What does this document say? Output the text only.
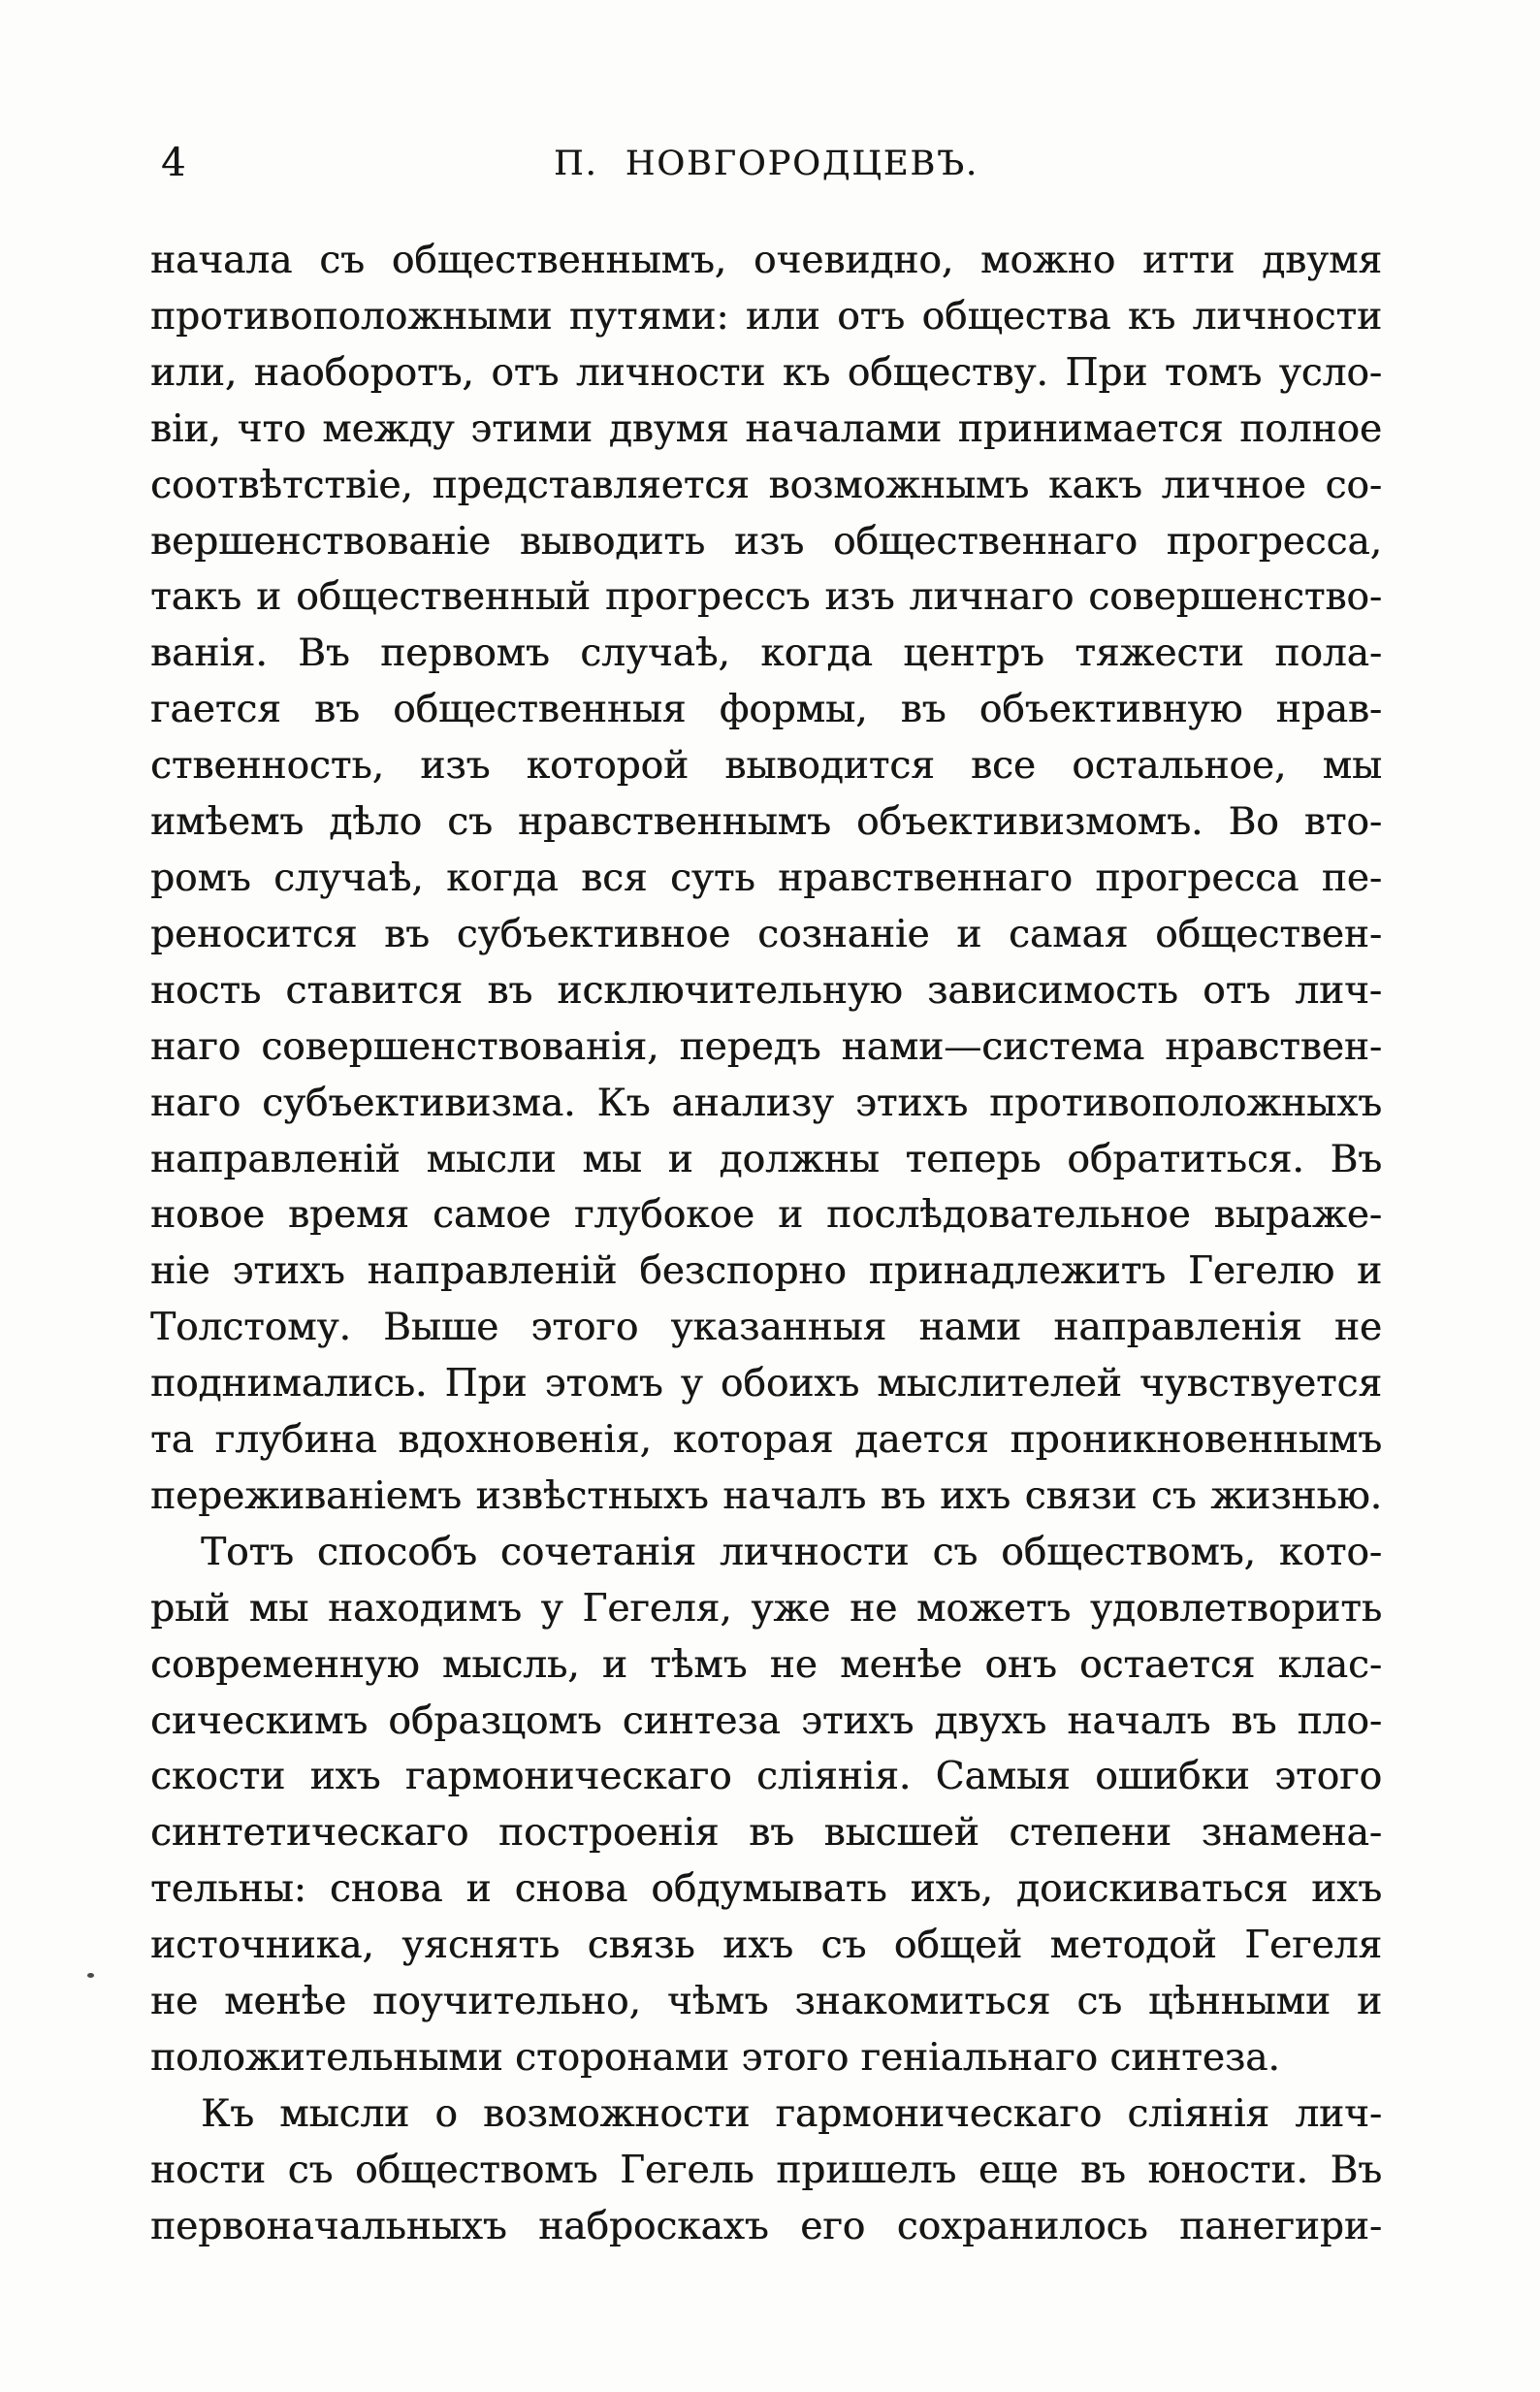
4	П. НОВГОРОДЦЕВЪ.
начала съ общественнымъ, очевидно, можно итти двумя
противоположными путями: или отъ общества къ личности
или, наоборотъ, отъ личности къ обществу. При томъ усло-
віи, что между этими двумя началами принимается полное
соотвѣтствіе, представляется возможнымъ какъ личное со-
вершенствованіе выводить изъ общественнаго прогресса,
такъ и общественный прогрессъ изъ личнаго совершенство-
ванія. Въ первомъ случаѣ, когда центръ тяжести пола-
гается въ общественныя формы, въ объективную нрав-
ственность, изъ которой выводится все остальное, мы
имѣемъ дѣло съ нравственнымъ объективизмомъ. Во вто-
ромъ случаѣ, когда вся суть нравственнаго прогресса пе-
реносится въ субъективное сознаніе и самая обществен-
ность ставится въ исключительную зависимость отъ лич-
наго совершенствованія, передъ нами—система нравствен-
наго субъективизма. Къ анализу этихъ противоположныхъ
направленій мысли мы и должны теперь обратиться. Въ
новое время самое глубокое и послѣдовательное выраже-
ніе этихъ направленій безспорно принадлежитъ Гегелю и
Толстому. Выше этого указанныя нами направленія не
поднимались. При этомъ у обоихъ мыслителей чувствуется
та глубина вдохновенія, которая дается проникновеннымъ
переживаніемъ извѣстныхъ началъ въ ихъ связи съ жизнью.
Тотъ способъ сочетанія личности съ обществомъ, кото-
рый мы находимъ у Гегеля, уже не можетъ удовлетворить
современную мысль, и тѣмъ не менѣе онъ остается клас-
сическимъ образцомъ синтеза этихъ двухъ началъ въ пло-
скости ихъ гармоническаго сліянія. Самыя ошибки этого
синтетическаго построенія въ высшей степени знамена-
тельны: снова и снова обдумывать ихъ, доискиваться ихъ
источника, уяснять связь ихъ съ общей методой Гегеля
не менѣе поучительно, чѣмъ знакомиться съ цѣнными и
положительными сторонами этого геніальнаго синтеза.
Къ мысли о возможности гармоническаго сліянія лич-
ности съ обществомъ Гегель пришелъ еще въ юности. Въ
первоначальныхъ наброскахъ его сохранилось панегири-
